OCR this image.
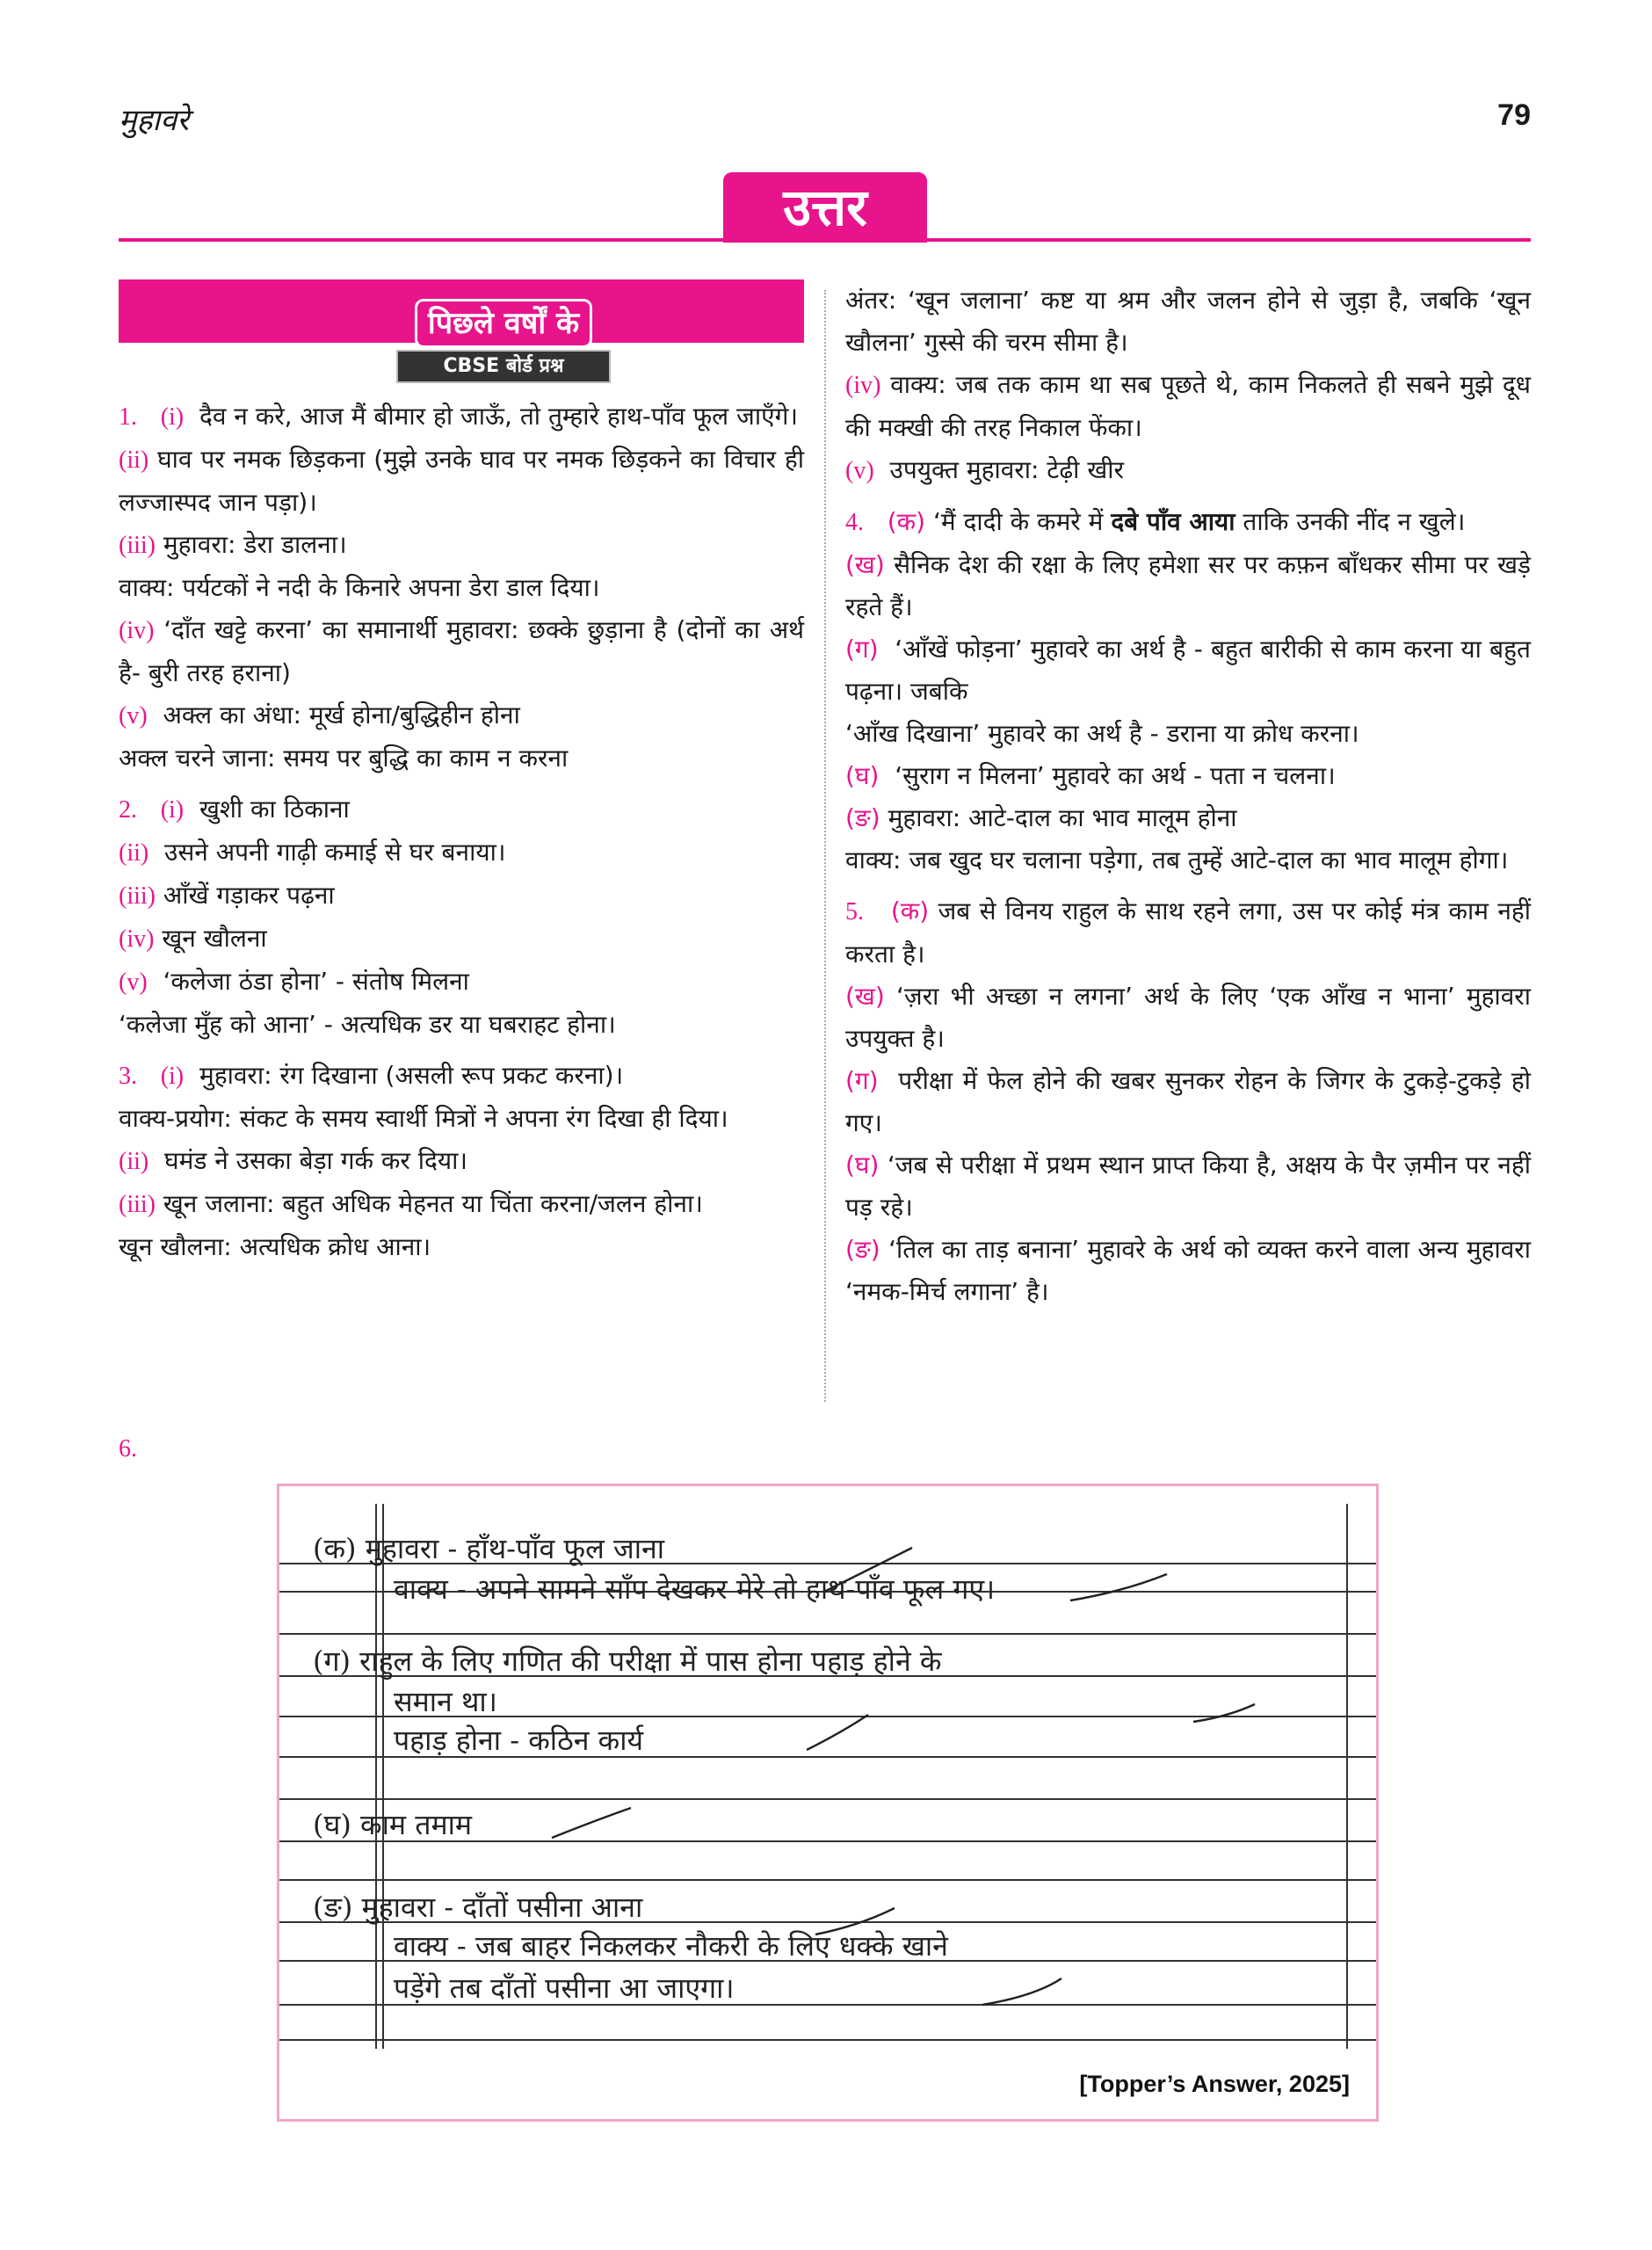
मुहावरे	79
उत्तर
पिछले वर्षों के
CBSE बोर्ड प्रश्न

1. (i) दैव न करे, आज मैं बीमार हो जाऊँ, तो तुम्हारे हाथ-पाँव फूल जाएँगे।

(ii) घाव पर नमक छिड़कना (मुझे उनके घाव पर नमक छिड़कने का विचार ही लज्जास्पद जान पड़ा)।

(iii) मुहावरा: डेरा डालना।

वाक्य: पर्यटकों ने नदी के किनारे अपना डेरा डाल दिया।

(iv) ‘दाँत खट्टे करना’ का समानार्थी मुहावरा: छक्के छुड़ाना है (दोनों का अर्थ है- बुरी तरह हराना)

(v) अक्ल का अंधा: मूर्ख होना/बुद्धिहीन होना

अक्ल चरने जाना: समय पर बुद्धि का काम न करना

2. (i) खुशी का ठिकाना

(ii) उसने अपनी गाढ़ी कमाई से घर बनाया।

(iii) आँखें गड़ाकर पढ़ना

(iv) खून खौलना

(v) ‘कलेजा ठंडा होना’ - संतोष मिलना

‘कलेजा मुँह को आना’ - अत्यधिक डर या घबराहट होना।

3. (i) मुहावरा: रंग दिखाना (असली रूप प्रकट करना)।

वाक्य-प्रयोग: संकट के समय स्वार्थी मित्रों ने अपना रंग दिखा ही दिया।

(ii) घमंड ने उसका बेड़ा गर्क कर दिया।

(iii) खून जलाना: बहुत अधिक मेहनत या चिंता करना/जलन होना।

खून खौलना: अत्यधिक क्रोध आना।

अंतर: ‘खून जलाना’ कष्ट या श्रम और जलन होने से जुड़ा है, जबकि ‘खून खौलना’ गुस्से की चरम सीमा है।

(iv) वाक्य: जब तक काम था सब पूछते थे, काम निकलते ही सबने मुझे दूध की मक्खी की तरह निकाल फेंका।

(v) उपयुक्त मुहावरा: टेढ़ी खीर

4. (क) ‘मैं दादी के कमरे में दबे पाँव आया ताकि उनकी नींद न खुले।

(ख) सैनिक देश की रक्षा के लिए हमेशा सर पर कफ़न बाँधकर सीमा पर खड़े रहते हैं।

(ग) ‘आँखें फोड़ना’ मुहावरे का अर्थ है - बहुत बारीकी से काम करना या बहुत पढ़ना। जबकि

‘आँख दिखाना’ मुहावरे का अर्थ है - डराना या क्रोध करना।

(घ) ‘सुराग न मिलना’ मुहावरे का अर्थ - पता न चलना।

(ङ) मुहावरा: आटे-दाल का भाव मालूम होना

वाक्य: जब खुद घर चलाना पड़ेगा, तब तुम्हें आटे-दाल का भाव मालूम होगा।

5. (क) जब से विनय राहुल के साथ रहने लगा, उस पर कोई मंत्र काम नहीं करता है।

(ख) ‘ज़रा भी अच्छा न लगना’ अर्थ के लिए ‘एक आँख न भाना’ मुहावरा उपयुक्त है।

(ग) परीक्षा में फेल होने की खबर सुनकर रोहन के जिगर के टुकड़े-टुकड़े हो गए।

(घ) ‘जब से परीक्षा में प्रथम स्थान प्राप्त किया है, अक्षय के पैर ज़मीन पर नहीं पड़ रहे।

(ङ) ‘तिल का ताड़ बनाना’ मुहावरे के अर्थ को व्यक्त करने वाला अन्य मुहावरा ‘नमक-मिर्च लगाना’ है।

6.
(क) मुहावरा - हाँथ-पाँव फूल जाना
वाक्य - अपने सामने साँप देखकर मेरे तो हाथ-पाँव फूल गए।
(ग) राहुल के लिए गणित की परीक्षा में पास होना पहाड़ होने के
समान था।
पहाड़ होना - कठिन कार्य
(घ) काम तमाम
(ङ) मुहावरा - दाँतों पसीना आना
वाक्य - जब बाहर निकलकर नौकरी के लिए धक्के खाने
पड़ेंगे तब दाँतों पसीना आ जाएगा।
[Topper’s Answer, 2025]
